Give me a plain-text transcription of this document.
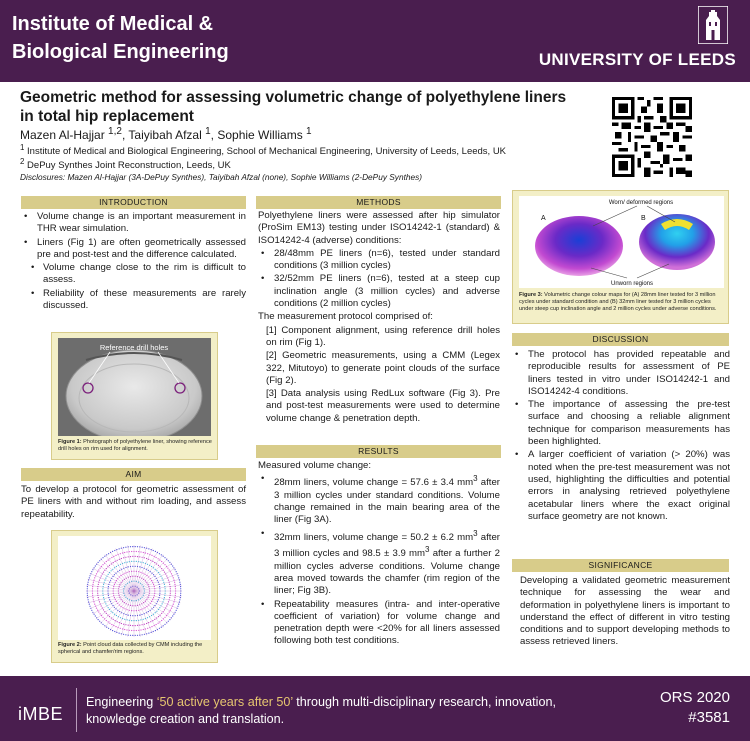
Institute of Medical &
Biological Engineering	UNIVERSITY OF LEEDS
Geometric method for assessing volumetric change of polyethylene liners
in total hip replacement
Mazen Al-Hajjar $^{1,2}$, Taiyibah Afzal $^1$, Sophie Williams $^1$
$^1$ Institute of Medical and Biological Engineering, School of Mechanical Engineering, University of Leeds, Leeds, UK
$^2$ DePuy Synthes Joint Reconstruction, Leeds, UK
Disclosures: Mazen Al-Hajjar (3A-DePuy Synthes), Taiyibah Afzal (none), Sophie Williams (2-DePuy Synthes)
INTRODUCTION
• Volume change is an important measurement in THR wear simulation.
• Liners (Fig 1) are often geometrically assessed pre and post-test and the difference calculated.
• Volume change close to the rim is difficult to assess.
• Reliability of these measurements are rarely discussed.
Reference drill holes
Figure 1: Photograph of polyethylene liner, showing reference drill holes on rim used for alignment.
AIM
To develop a protocol for geometric assessment of PE liners with and without rim loading, and assess repeatability.
Figure 2: Point cloud data collected by CMM including the spherical and chamfer/rim regions.
METHODS

Polyethylene liners were assessed after hip simulator (ProSim EM13) testing under ISO14242-1 (standard) & ISO14242-4 (adverse) conditions:

• 28/48mm PE liners (n=6), tested under standard conditions (3 million cycles)
• 32/52mm PE liners (n=6), tested at a steep cup inclination angle (3 million cycles) and adverse conditions (2 million cycles)

The measurement protocol comprised of:

[1] Component alignment, using reference drill holes on rim (Fig 1).

[2] Geometric measurements, using a CMM (Legex 322, Mitutoyo) to generate point clouds of the surface (Fig 2).

[3] Data analysis using RedLux software (Fig 3). Pre and post-test measurements were used to determine volume change & penetration depth.

RESULTS

Measured volume change:

• 28mm liners, volume change = 57.6 ± 3.4 $mm^3$ after 3 million cycles under standard conditions. Volume change remained in the main bearing area of the liner (Fig 3A).
• 32mm liners, volume change = 50.2 ± 6.2 $mm^3$ after 3 million cycles and 98.5 ± 3.9 $mm^3$ after a further 2 million cycles adverse conditions. Volume change area moved towards the chamfer (rim region of the liner; Fig 3B).
• Repeatability measures (intra- and inter-operative coefficient of variation) for volume change and penetration depth were <20% for all liners assessed following both test conditions.
Worn/ deformed regions
Unworn regions
A	B
Figure 3: Volumetric change colour maps for (A) 28mm liner tested for 3 million cycles under standard condition and (B) 32mm liner tested for 3 million cycles under steep cup inclination angle and 2 million cycles under adverse conditions.
DISCUSSION
• The protocol has provided repeatable and reproducible results for assessment of PE liners tested in vitro under ISO14242-1 and ISO14242-4 conditions.
• The importance of assessing the pre-test surface and choosing a reliable alignment technique for comparison measurements has been highlighted.
• A larger coefficient of variation (> 20%) was noted when the pre-test measurement was not used, highlighting the difficulties and potential errors in analysing retrieved polyethylene acetabular liners where the exact original surface geometry are not known.
SIGNIFICANCE
Developing a validated geometric measurement technique for assessing the wear and deformation in polyethylene liners is important to understand the effect of different in vitro testing conditions and to support developing methods to assess retrieved liners.
iMBE
Engineering ‘50 active years after 50’ through multi-disciplinary research, innovation, knowledge creation and translation.
ORS 2020
#3581
